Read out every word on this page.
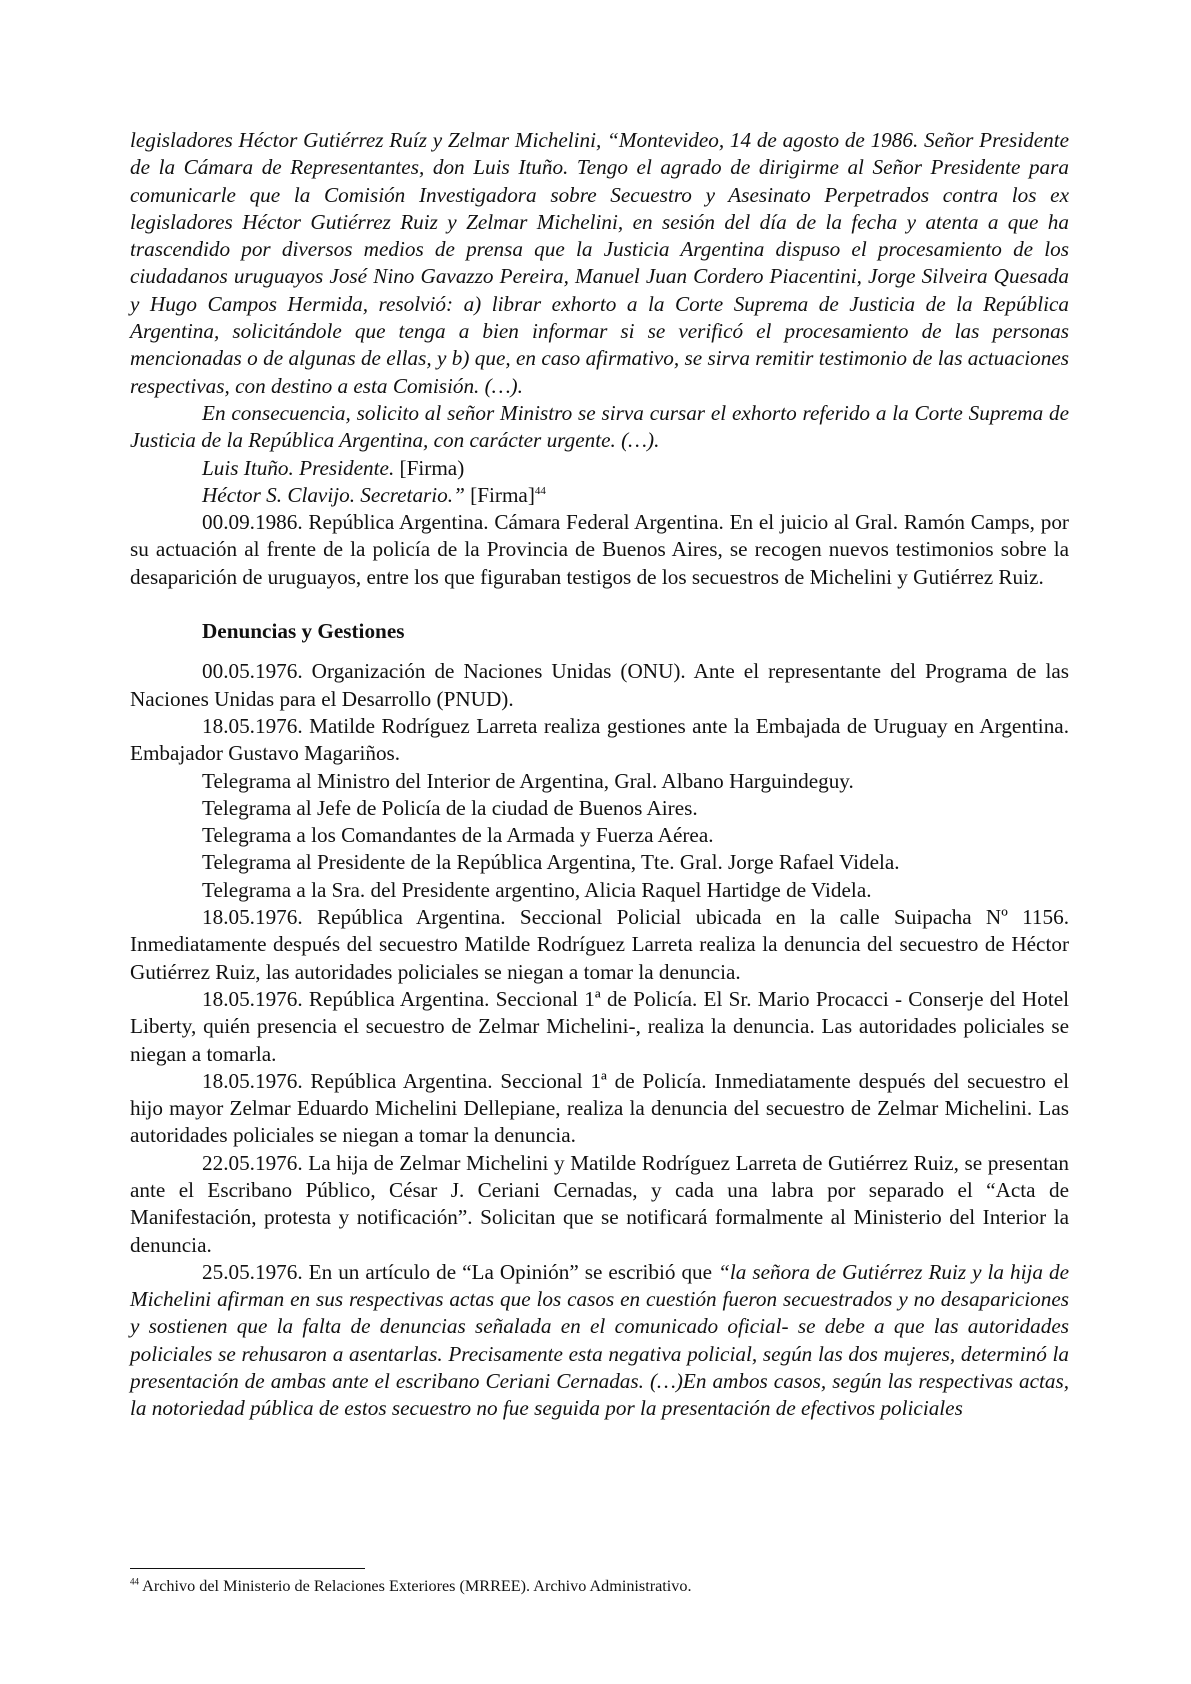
legisladores Héctor Gutiérrez Ruíz y Zelmar Michelini, “Montevideo, 14 de agosto de 1986. Señor Presidente de la Cámara de Representantes, don Luis Ituño. Tengo el agrado de dirigirme al Señor Presidente para comunicarle que la Comisión Investigadora sobre Secuestro y Asesinato Perpetrados contra los ex legisladores Héctor Gutiérrez Ruiz y Zelmar Michelini, en sesión del día de la fecha y atenta a que ha trascendido por diversos medios de prensa que la Justicia Argentina dispuso el procesamiento de los ciudadanos uruguayos José Nino Gavazzo Pereira, Manuel Juan Cordero Piacentini, Jorge Silveira Quesada y Hugo Campos Hermida, resolvió: a) librar exhorto a la Corte Suprema de Justicia de la República Argentina, solicitándole que tenga a bien informar si se verificó el procesamiento de las personas mencionadas o de algunas de ellas, y b) que, en caso afirmativo, se sirva remitir testimonio de las actuaciones respectivas, con destino a esta Comisión. (…).

En consecuencia, solicito al señor Ministro se sirva cursar el exhorto referido a la Corte Suprema de Justicia de la República Argentina, con carácter urgente. (…).

Luis Ituño. Presidente. [Firma)

Héctor S. Clavijo. Secretario.” [Firma]$^{44}$

00.09.1986. República Argentina. Cámara Federal Argentina. En el juicio al Gral. Ramón Camps, por su actuación al frente de la policía de la Provincia de Buenos Aires, se recogen nuevos testimonios sobre la desaparición de uruguayos, entre los que figuraban testigos de los secuestros de Michelini y Gutiérrez Ruiz.

Denuncias y Gestiones

00.05.1976. Organización de Naciones Unidas (ONU). Ante el representante del Programa de las Naciones Unidas para el Desarrollo (PNUD).

18.05.1976. Matilde Rodríguez Larreta realiza gestiones ante la Embajada de Uruguay en Argentina. Embajador Gustavo Magariños.

Telegrama al Ministro del Interior de Argentina, Gral. Albano Harguindeguy.

Telegrama al Jefe de Policía de la ciudad de Buenos Aires.

Telegrama a los Comandantes de la Armada y Fuerza Aérea.

Telegrama al Presidente de la República Argentina, Tte. Gral. Jorge Rafael Videla.

Telegrama a la Sra. del Presidente argentino, Alicia Raquel Hartidge de Videla.

18.05.1976. República Argentina. Seccional Policial ubicada en la calle Suipacha Nº 1156. Inmediatamente después del secuestro Matilde Rodríguez Larreta realiza la denuncia del secuestro de Héctor Gutiérrez Ruiz, las autoridades policiales se niegan a tomar la denuncia.

18.05.1976. República Argentina. Seccional 1ª de Policía. El Sr. Mario Procacci - Conserje del Hotel Liberty, quién presencia el secuestro de Zelmar Michelini-, realiza la denuncia. Las autoridades policiales se niegan a tomarla.

18.05.1976. República Argentina. Seccional 1ª de Policía. Inmediatamente después del secuestro el hijo mayor Zelmar Eduardo Michelini Dellepiane, realiza la denuncia del secuestro de Zelmar Michelini. Las autoridades policiales se niegan a tomar la denuncia.

22.05.1976. La hija de Zelmar Michelini y Matilde Rodríguez Larreta de Gutiérrez Ruiz, se presentan ante el Escribano Público, César J. Ceriani Cernadas, y cada una labra por separado el “Acta de Manifestación, protesta y notificación”. Solicitan que se notificará formalmente al Ministerio del Interior la denuncia.

25.05.1976. En un artículo de “La Opinión” se escribió que “la señora de Gutiérrez Ruiz y la hija de Michelini afirman en sus respectivas actas que los casos en cuestión fueron secuestrados y no desapariciones y sostienen que la falta de denuncias señalada en el comunicado oficial- se debe a que las autoridades policiales se rehusaron a asentarlas. Precisamente esta negativa policial, según las dos mujeres, determinó la presentación de ambas ante el escribano Ceriani Cernadas. (…)En ambos casos, según las respectivas actas, la notoriedad pública de estos secuestro no fue seguida por la presentación de efectivos policiales

$^{44}$ Archivo del Ministerio de Relaciones Exteriores (MRREE). Archivo Administrativo.
